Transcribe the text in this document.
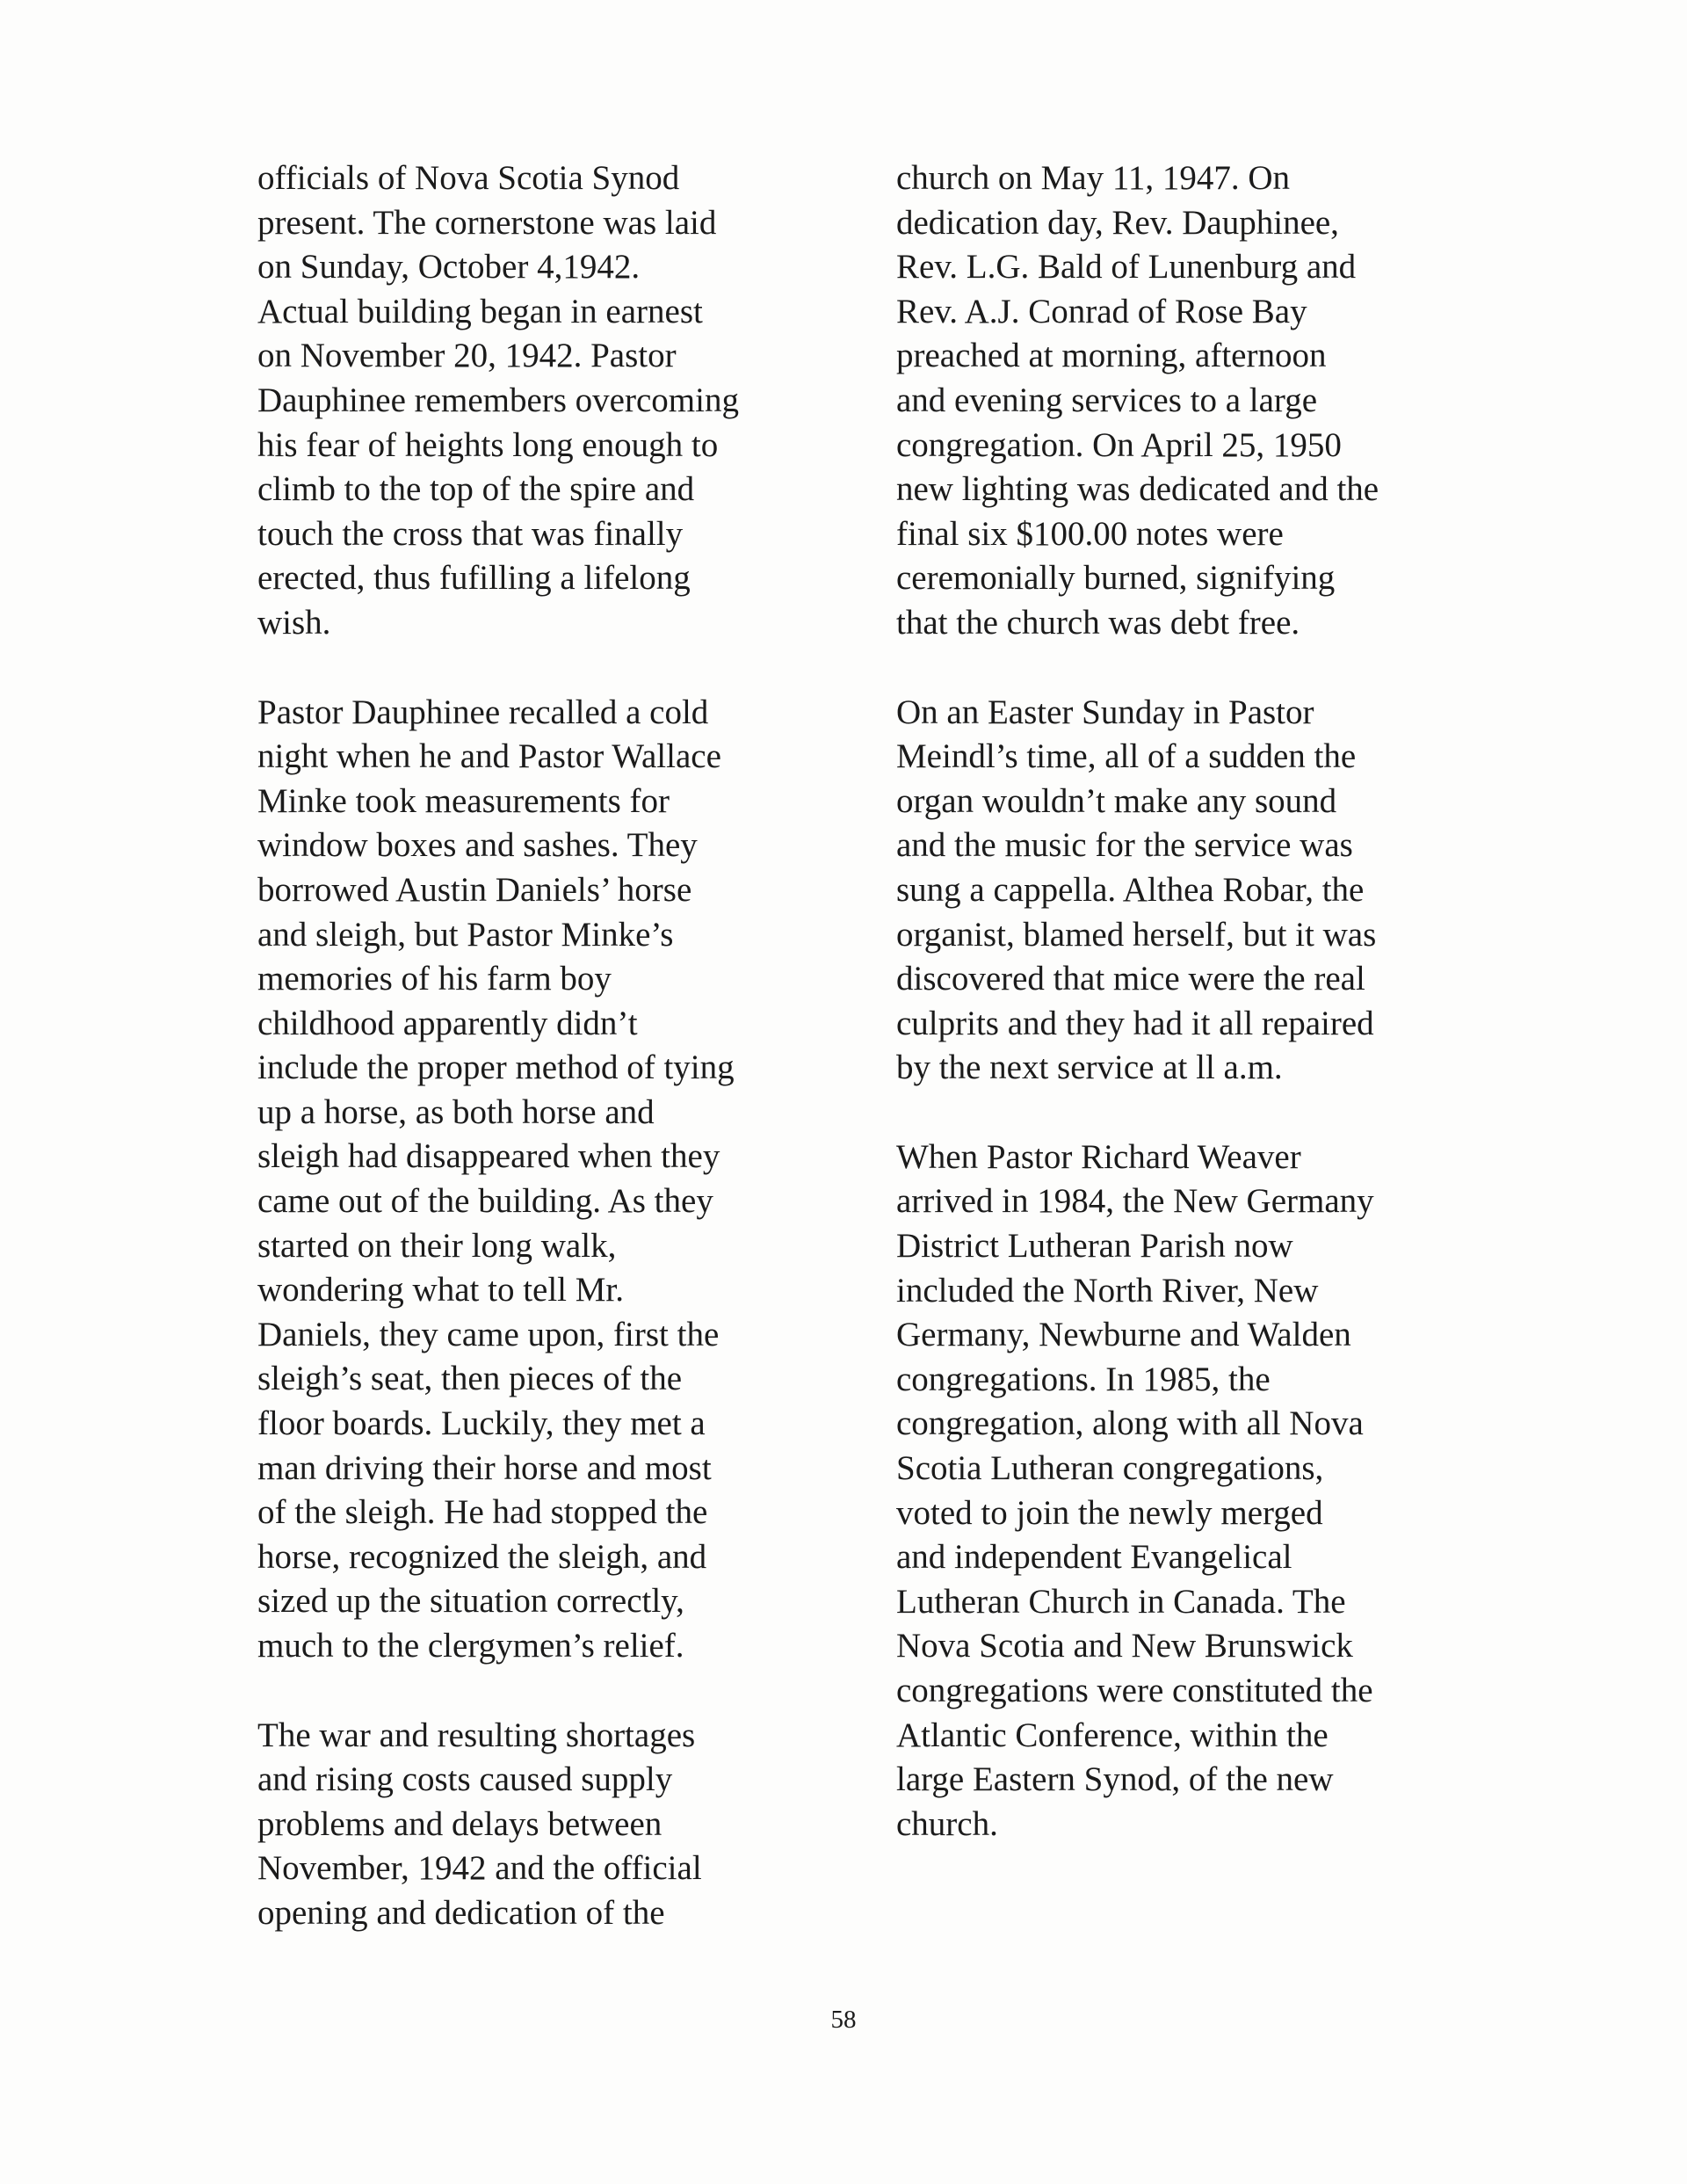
officials of Nova Scotia Synod
present. The cornerstone was laid
on Sunday, October 4,1942.
Actual building began in earnest
on November 20, 1942. Pastor
Dauphinee remembers overcoming
his fear of heights long enough to
climb to the top of the spire and
touch the cross that was finally
erected, thus fufilling a lifelong
wish.

Pastor Dauphinee recalled a cold
night when he and Pastor Wallace
Minke took measurements for
window boxes and sashes. They
borrowed Austin Daniels’ horse
and sleigh, but Pastor Minke’s
memories of his farm boy
childhood apparently didn’t
include the proper method of tying
up a horse, as both horse and
sleigh had disappeared when they
came out of the building. As they
started on their long walk,
wondering what to tell Mr.
Daniels, they came upon, first the
sleigh’s seat, then pieces of the
floor boards. Luckily, they met a
man driving their horse and most
of the sleigh. He had stopped the
horse, recognized the sleigh, and
sized up the situation correctly,
much to the clergymen’s relief.

The war and resulting shortages
and rising costs caused supply
problems and delays between
November, 1942 and the official
opening and dedication of the

church on May 11, 1947. On
dedication day, Rev. Dauphinee,
Rev. L.G. Bald of Lunenburg and
Rev. A.J. Conrad of Rose Bay
preached at morning, afternoon
and evening services to a large
congregation. On April 25, 1950
new lighting was dedicated and the
final six $100.00 notes were
ceremonially burned, signifying
that the church was debt free.

On an Easter Sunday in Pastor
Meindl’s time, all of a sudden the
organ wouldn’t make any sound
and the music for the service was
sung a cappella. Althea Robar, the
organist, blamed herself, but it was
discovered that mice were the real
culprits and they had it all repaired
by the next service at ll a.m.

When Pastor Richard Weaver
arrived in 1984, the New Germany
District Lutheran Parish now
included the North River, New
Germany, Newburne and Walden
congregations. In 1985, the
congregation, along with all Nova
Scotia Lutheran congregations,
voted to join the newly merged
and independent Evangelical
Lutheran Church in Canada. The
Nova Scotia and New Brunswick
congregations were constituted the
Atlantic Conference, within the
large Eastern Synod, of the new
church.

58
